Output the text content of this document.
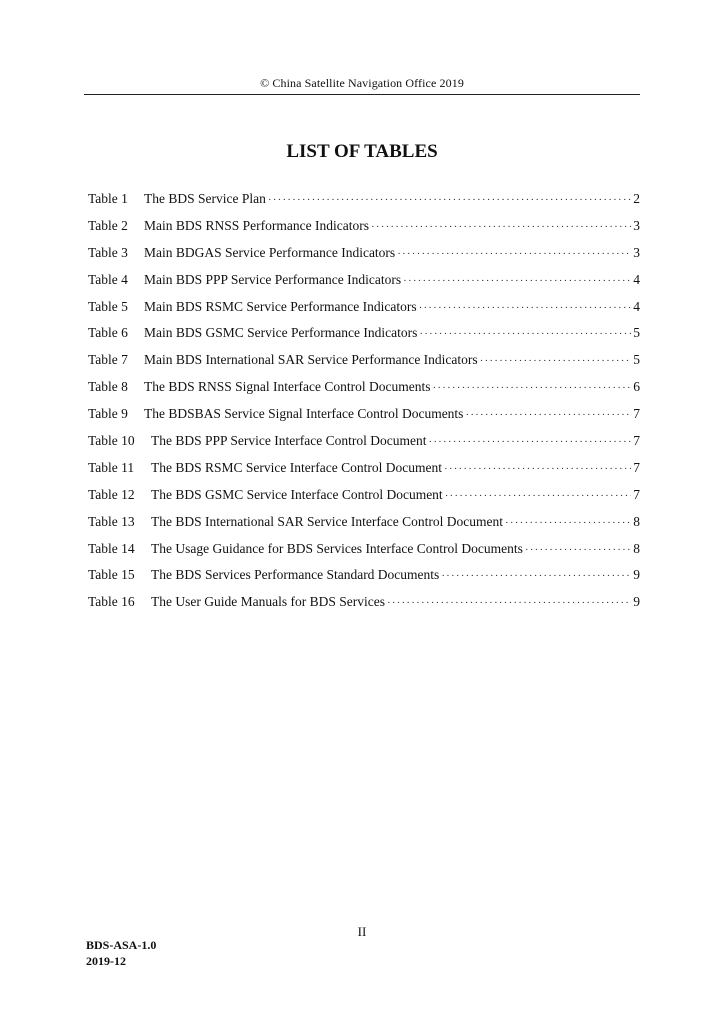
© China Satellite Navigation Office 2019
LIST OF TABLES
Table 1	The BDS Service Plan ·····	2
Table 2	Main BDS RNSS Performance Indicators ·····	3
Table 3	Main BDGAS Service Performance Indicators ·····	3
Table 4	Main BDS PPP Service Performance Indicators ·····	4
Table 5	Main BDS RSMC Service Performance Indicators ·····	4
Table 6	Main BDS GSMC Service Performance Indicators ·····	5
Table 7	Main BDS International SAR Service Performance Indicators ·····	5
Table 8	The BDS RNSS Signal Interface Control Documents ·····	6
Table 9	The BDSBAS Service Signal Interface Control Documents ·····	7
Table 10	The BDS PPP Service Interface Control Document ·····	7
Table 11	The BDS RSMC Service Interface Control Document ·····	7
Table 12	The BDS GSMC Service Interface Control Document ·····	7
Table 13	The BDS International SAR Service Interface Control Document ·····	8
Table 14	The Usage Guidance for BDS Services Interface Control Documents ·····	8
Table 15	The BDS Services Performance Standard Documents ·····	9
Table 16	The User Guide Manuals for BDS Services ·····	9
II
BDS-ASA-1.0
2019-12
